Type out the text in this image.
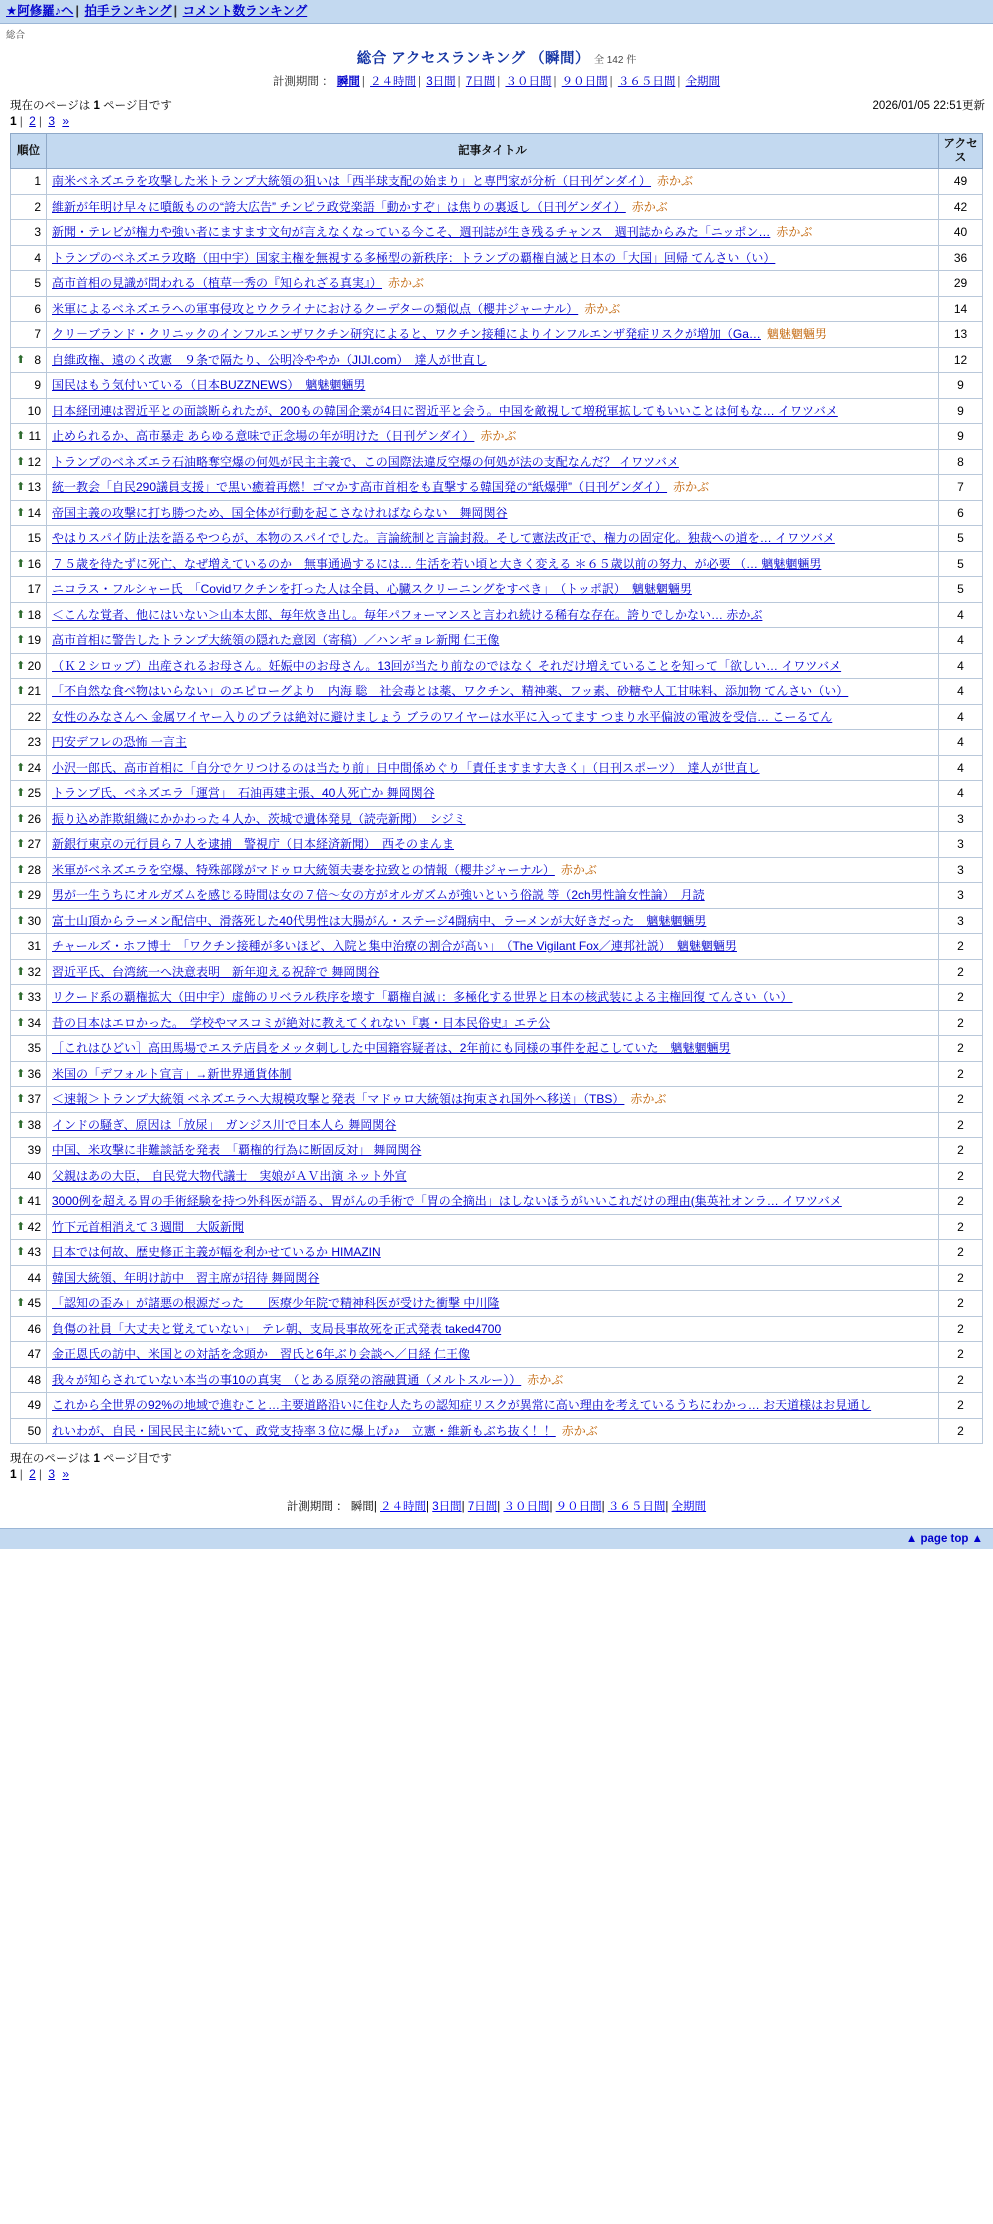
★阿修羅♪ヘ | 拍手ランキング | コメント数ランキング
総合
総合 アクセスランキング （瞬間） 全 142 件
計測期間 ： 瞬間 | ２４時間 | 3日間 | 7日間 | ３０日間 | ９０日間 | ３６５日間 | 全期間
現在のページは 1 ページ目です	2026/01/05 22:51更新
1 | 2 | 3 »
順位	記事タイトル	アクセス
1	南米ベネズエラを攻撃した米トランプ大統領の狙いは「西半球支配の始まり」と専門家が分析（日刊ゲンダイ） 赤かぶ	49
2	維新が年明け早々に噴飯ものの“誇大広告” チンピラ政党楽語「動かすぞ」は焦りの裏返し（日刊ゲンダイ） 赤かぶ	42
3	新聞・テレビが権力や強い者にますます文句が言えなくなっている今こそ、週刊誌が生き残るチャンス　週刊誌からみた「ニッポン… 赤かぶ	40
4	トランプのベネズエラ攻略（田中宇）国家主権を無視する多極型の新秩序：トランプの覇権自滅と日本の「大国」回帰 てんさい（い）	36
5	高市首相の見識が問われる（植草一秀の『知られざる真実』） 赤かぶ	29
6	米軍によるベネズエラへの軍事侵攻とウクライナにおけるクーデターの類似点（櫻井ジャーナル） 赤かぶ	14
7	クリ－ブランド・クリニックのインフルエンザワクチン研究によると、ワクチン接種によりインフルエンザ発症リスクが増加（Ga… 魑魅魍魎男	13

⬆ 8	自維政権、遠のく改憲　９条で隔たり、公明冷ややか（JIJI.com）　達人が世直し	12
9	国民はもう気付いている（日本BUZZNEWS）　魑魅魍魎男	9
10	日本経団連は習近平との面談断られたが、200もの韓国企業が4日に習近平と会う。中国を敵視して増税軍拡してもいいことは何もな… イワツバメ	9

⬆ 11	止められるか、高市暴走 あらゆる意味で正念場の年が明けた（日刊ゲンダイ） 赤かぶ	9

⬆ 12	トランプのベネズエラ石油略奪空爆の何処が民主主義で、この国際法違反空爆の何処が法の支配なんだ？ イワツバメ	8

⬆ 13	統一教会「自民290議員支援」で黒い癒着再燃！ゴマかす高市首相をも直撃する韓国発の“紙爆弾”（日刊ゲンダイ） 赤かぶ	7

⬆ 14	帝国主義の攻撃に打ち勝つため、国全体が行動を起こさなければならない　舞岡関谷	6
15	やはりスパイ防止法を語るやつらが、本物のスパイでした。言論統制と言論封殺。そして憲法改正で、権力の固定化。独裁への道を… イワツバメ	5

⬆ 16	７５歳を待たずに死亡、なぜ増えているのか　無事通過するには… 生活を若い頃と大きく変える ＊６５歳以前の努力、が必要 （… 魑魅魍魎男	5
17	ニコラス・フルシャー氏　「Covidワクチンを打った人は全員、心臓スクリーニングをすべき」　（トッポ訳）　魑魅魍魎男	5

⬆ 18	＜こんな覚者、他にはいない＞山本太郎、毎年炊き出し。毎年パフォーマンスと言われ続ける稀有な存在。誇りでしかない… 赤かぶ	4

⬆ 19	高市首相に警告したトランプ大統領の隠れた意図（寄稿）／ハンギョレ新聞 仁王像	4

⬆ 20	（Ｋ２シロップ）出産されるお母さん。妊娠中のお母さん。13回が当たり前なのではなく それだけ増えていることを知って「欲しい… イワツバメ	4

⬆ 21	「不自然な食べ物はいらない」のエピローグより　内海 聡　社会毒とは薬、ワクチン、精神薬、フッ素、砂糖や人工甘味料、添加物 てんさい（い）	4
22	女性のみなさんへ 金属ワイヤー入りのブラは絶対に避けましょう ブラのワイヤーは水平に入ってます つまり水平偏波の電波を受信… こーるてん	4
23	円安デフレの恐怖 一言主	4

⬆ 24	小沢一郎氏、高市首相に「自分でケリつけるのは当たり前」日中間係めぐり「責任ますます大きく」（日刊スポーツ）　達人が世直し	4

⬆ 25	トランプ氏、ベネズエラ「運営」　石油再建主張、40人死亡か 舞岡関谷	4

⬆ 26	振り込め詐欺組織にかかわった４人か、茨城で遺体発見（読売新聞）　シジミ	3

⬆ 27	新銀行東京の元行員ら７人を逮捕　警視庁（日本経済新聞）　西そのまんま	3

⬆ 28	米軍がベネズエラを空爆、特殊部隊がマドゥロ大統領夫妻を拉致との情報（櫻井ジャーナル） 赤かぶ	3

⬆ 29	男が一生うちにオルガズムを感じる時間は女の７倍〜女の方がオルガズムが強いという俗説 等（2ch男性論女性論）　月読	3

⬆ 30	富士山頂からラーメン配信中、滑落死した40代男性は大腸がん・ステージ4闘病中、ラーメンが大好きだった　魑魅魍魎男	3
31	チャールズ・ホフ博士　「ワクチン接種が多いほど、入院と集中治療の割合が高い」　（The Vigilant Fox／連邦社説）　魑魅魍魎男	2

⬆ 32	習近平氏、台湾統一へ決意表明　新年迎える祝辞で 舞岡関谷	2

⬆ 33	リクード系の覇権拡大（田中宇）虚飾のリベラル秩序を壊す「覇権自滅」：多極化する世界と日本の核武装による主権回復 てんさい（い）	2

⬆ 34	昔の日本はエロかった。　学校やマスコミが絶対に教えてくれない『裏・日本民俗史』エテ公	2
35	［これはひどい］高田馬場でエステ店員をメッタ刺しした中国籍容疑者は、2年前にも同様の事件を起こしていた　魑魅魍魎男	2

⬆ 36	米国の「デフォルト宣言」→新世界通貨体制	2

⬆ 37	＜速報＞トランプ大統領 ベネズエラへ大規模攻撃と発表「マドゥロ大統領は拘束され国外へ移送」（TBS） 赤かぶ	2

⬆ 38	インドの騒ぎ、原因は「放尿」　ガンジス川で日本人ら 舞岡関谷	2
39	中国、米攻撃に非難談話を発表　「覇権的行為に断固反対」 舞岡関谷	2
40	父親はあの大臣， 自民党大物代議士　実娘がＡＶ出演 ネット外宣	2

⬆ 41	3000例を超える胃の手術経験を持つ外科医が語る、胃がんの手術で「胃の全摘出」はしないほうがいいこれだけの理由(集英社オンラ… イワツバメ	2

⬆ 42	竹下元首相消えて３週間　大阪新聞	2

⬆ 43	日本では何故、歴史修正主義が幅を利かせているか HIMAZIN	2
44	韓国大統領、年明け訪中　習主席が招待 舞岡関谷	2

⬆ 45	「認知の歪み」が諸悪の根源だった　　医療少年院で精神科医が受けた衝撃 中川隆	2
46	負傷の社員「大丈夫と覚えていない」　テレ朝、支局長事故死を正式発表 taked4700	2
47	金正恩氏の訪中、米国との対話を念頭か　習氏と6年ぶり会談へ／日経 仁王像	2
48	我々が知らされていない本当の事10の真実　（とある原発の溶融貫通（メルトスルー）） 赤かぶ	2
49	これから全世界の92%の地域で進むこと…主要道路沿いに住む人たちの認知症リスクが異常に高い理由を考えているうちにわかっ… お天道様はお見通し	2
50	れいわが、自民・国民民主に続いて、政党支持率３位に爆上げ♪♪　立憲・維新もぶち抜く！！ 赤かぶ	2
現在のページは 1 ページ目です
1 | 2 | 3 »
計測期間 ： 瞬間| ２４時間| 3日間| 7日間| ３０日間| ９０日間| ３６５日間| 全期間
▲ page top ▲
